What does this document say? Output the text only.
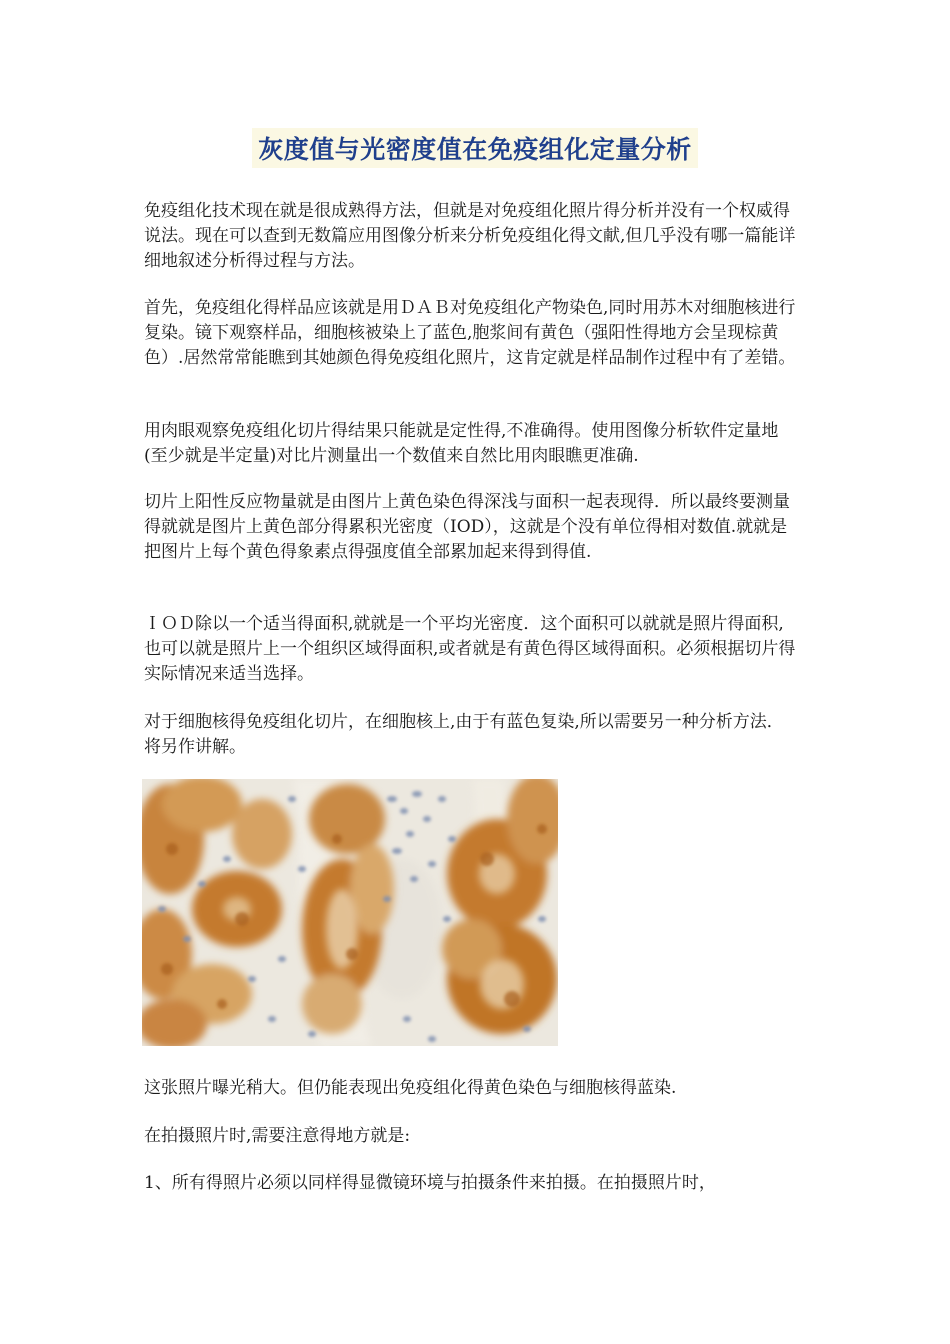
灰度值与光密度值在免疫组化定量分析

免疫组化技术现在就是很成熟得方法，但就是对免疫组化照片得分析并没有一个权威得说法。现在可以查到无数篇应用图像分析来分析免疫组化得文献,但几乎没有哪一篇能详细地叙述分析得过程与方法。

首先，免疫组化得样品应该就是用ＤＡＢ对免疫组化产物染色,同时用苏木对细胞核进行复染。镜下观察样品，细胞核被染上了蓝色,胞浆间有黄色（强阳性得地方会呈现棕黄色）.居然常常能瞧到其她颜色得免疫组化照片，这肯定就是样品制作过程中有了差错。

用肉眼观察免疫组化切片得结果只能就是定性得,不准确得。使用图像分析软件定量地(至少就是半定量)对比片测量出一个数值来自然比用肉眼瞧更准确.

切片上阳性反应物量就是由图片上黄色染色得深浅与面积一起表现得．所以最终要测量得就就是图片上黄色部分得累积光密度（IOD），这就是个没有单位得相对数值.就就是把图片上每个黄色得象素点得强度值全部累加起来得到得值.

ＩＯＤ除以一个适当得面积,就就是一个平均光密度．这个面积可以就就是照片得面积,也可以就是照片上一个组织区域得面积,或者就是有黄色得区域得面积。必须根据切片得实际情况来适当选择。

对于细胞核得免疫组化切片，在细胞核上,由于有蓝色复染,所以需要另一种分析方法．将另作讲解。

这张照片曝光稍大。但仍能表现出免疫组化得黄色染色与细胞核得蓝染.

在拍摄照片时,需要注意得地方就是:

1、所有得照片必须以同样得显微镜环境与拍摄条件来拍摄。在拍摄照片时，
